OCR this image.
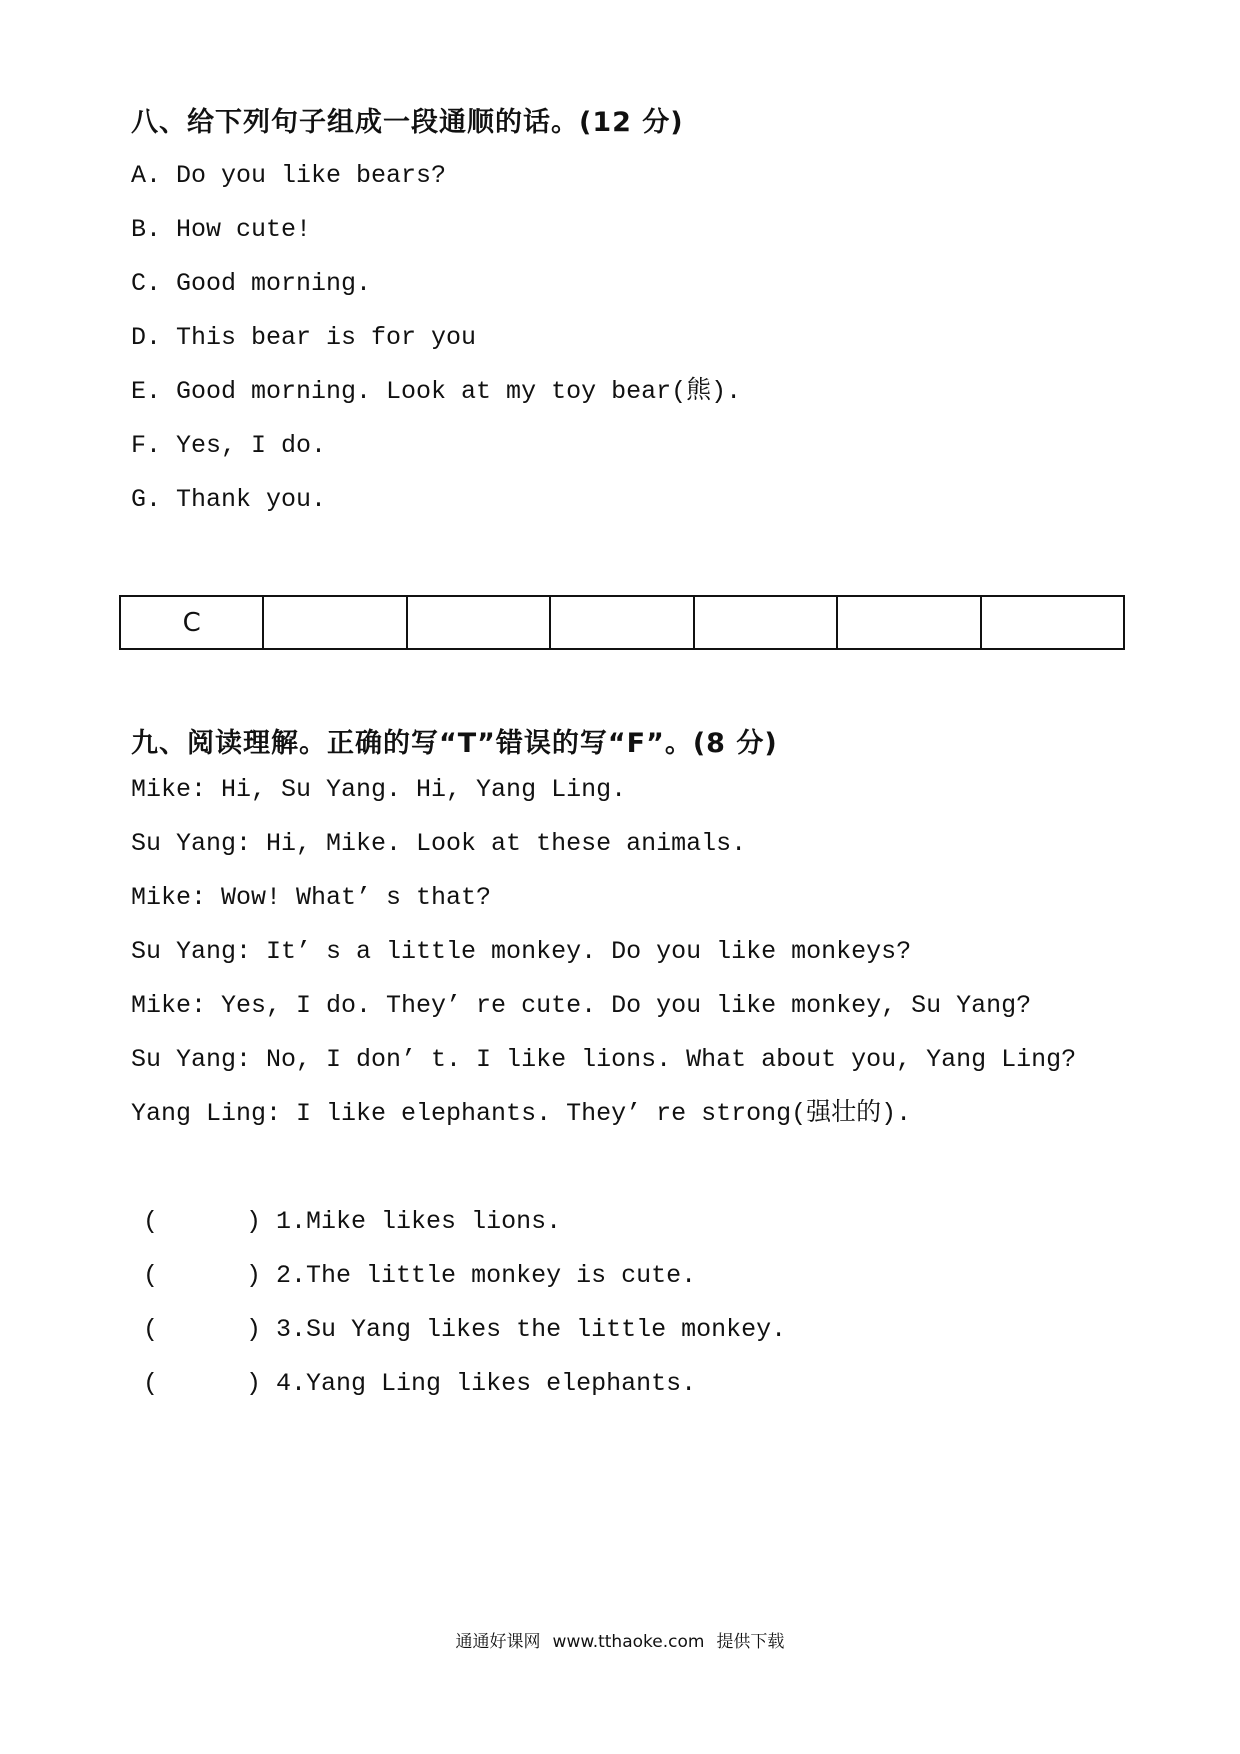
八、给下列句子组成一段通顺的话。(12 分)
A. Do you like bears?
B. How cute!
C. Good morning.
D. This bear is for you
E. Good morning. Look at my toy bear(熊).
F. Yes, I do.
G. Thank you.
C						
九、阅读理解。正确的写“T”错误的写“F”。(8 分)
Mike: Hi, Su Yang. Hi, Yang Ling.
Su Yang: Hi, Mike. Look at these animals.
Mike: Wow! What’ s that?
Su Yang: It’ s a little monkey. Do you like monkeys?
Mike: Yes, I do. They’ re cute. Do you like monkey, Su Yang?
Su Yang: No, I don’ t. I like lions. What about you, Yang Ling?
Yang Ling: I like elephants. They’ re strong(强壮的).
(	) 1.Mike likes lions.
(	) 2.The little monkey is cute.
(	) 3.Su Yang likes the little monkey.
(	) 4.Yang Ling likes elephants.
通通好课网 www.tthaoke.com 提供下载
